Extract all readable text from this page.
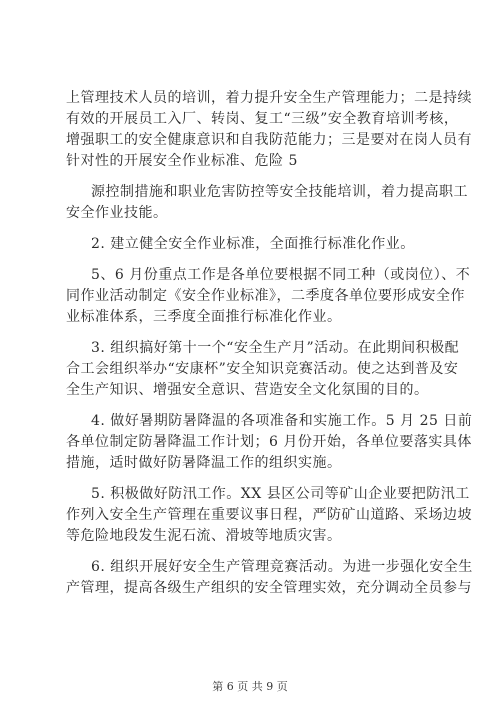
上管理技术人员的培训，着力提升安全生产管理能力；二是持续
有效的开展员工入厂、转岗、复工“三级”安全教育培训考核，
增强职工的安全健康意识和自我防范能力；三是要对在岗人员有
针对性的开展安全作业标准、危险 5
源控制措施和职业危害防控等安全技能培训，着力提高职工
安全作业技能。
2. 建立健全安全作业标准，全面推行标准化作业。
5、6 月份重点工作是各单位要根据不同工种（或岗位）、不
同作业活动制定《安全作业标准》，二季度各单位要形成安全作
业标准体系，三季度全面推行标准化作业。
3. 组织搞好第十一个“安全生产月”活动。在此期间积极配
合工会组织举办“安康杯”安全知识竞赛活动。使之达到普及安
全生产知识、增强安全意识、营造安全文化氛围的目的。
4. 做好暑期防暑降温的各项准备和实施工作。5 月 25 日前
各单位制定防暑降温工作计划；6 月份开始，各单位要落实具体
措施，适时做好防暑降温工作的组织实施。
5. 积极做好防汛工作。XX 县区公司等矿山企业要把防汛工
作列入安全生产管理在重要议事日程，严防矿山道路、采场边坡
等危险地段发生泥石流、滑坡等地质灾害。
6. 组织开展好安全生产管理竞赛活动。为进一步强化安全生
产管理，提高各级生产组织的安全管理实效，充分调动全员参与
第 6 页 共 9 页
